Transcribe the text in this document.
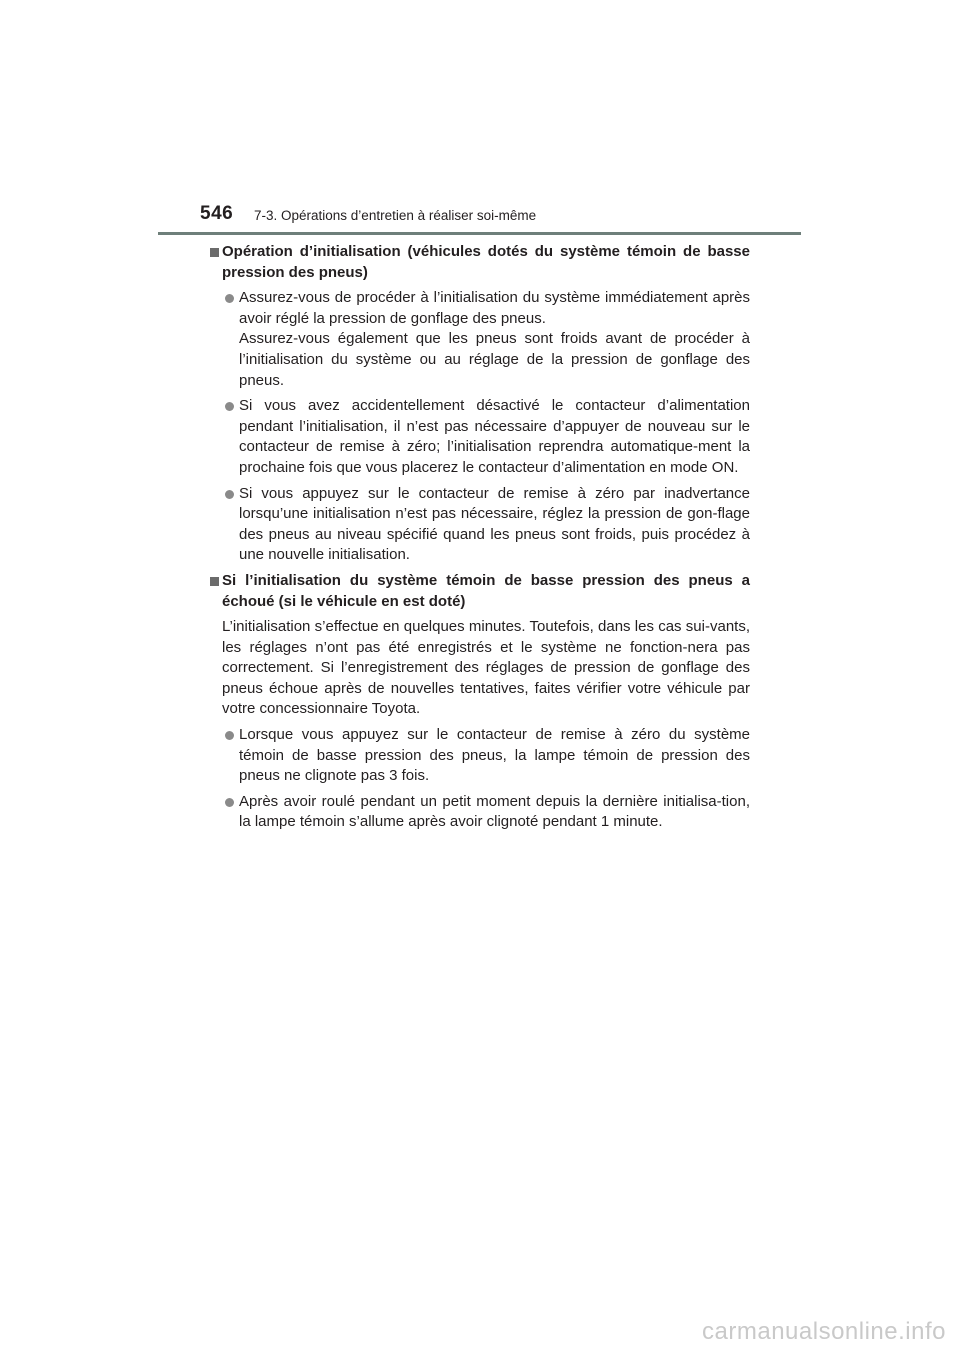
546 7-3. Opérations d’entretien à réaliser soi-même
Opération d’initialisation (véhicules dotés du système témoin de basse pression des pneus)
Assurez-vous de procéder à l’initialisation du système immédiatement après avoir réglé la pression de gonflage des pneus.
Assurez-vous également que les pneus sont froids avant de procéder à l’initialisation du système ou au réglage de la pression de gonflage des pneus.
Si vous avez accidentellement désactivé le contacteur d’alimentation pendant l’initialisation, il n’est pas nécessaire d’appuyer de nouveau sur le contacteur de remise à zéro; l’initialisation reprendra automatique-ment la prochaine fois que vous placerez le contacteur d’alimentation en mode ON.
Si vous appuyez sur le contacteur de remise à zéro par inadvertance lorsqu’une initialisation n’est pas nécessaire, réglez la pression de gon-flage des pneus au niveau spécifié quand les pneus sont froids, puis procédez à une nouvelle initialisation.
Si l’initialisation du système témoin de basse pression des pneus a échoué (si le véhicule en est doté)
L’initialisation s’effectue en quelques minutes. Toutefois, dans les cas sui-vants, les réglages n’ont pas été enregistrés et le système ne fonction-nera pas correctement. Si l’enregistrement des réglages de pression de gonflage des pneus échoue après de nouvelles tentatives, faites vérifier votre véhicule par votre concessionnaire Toyota.
Lorsque vous appuyez sur le contacteur de remise à zéro du système témoin de basse pression des pneus, la lampe témoin de pression des pneus ne clignote pas 3 fois.
Après avoir roulé pendant un petit moment depuis la dernière initialisa-tion, la lampe témoin s’allume après avoir clignoté pendant 1 minute.
carmanualsonline.info
